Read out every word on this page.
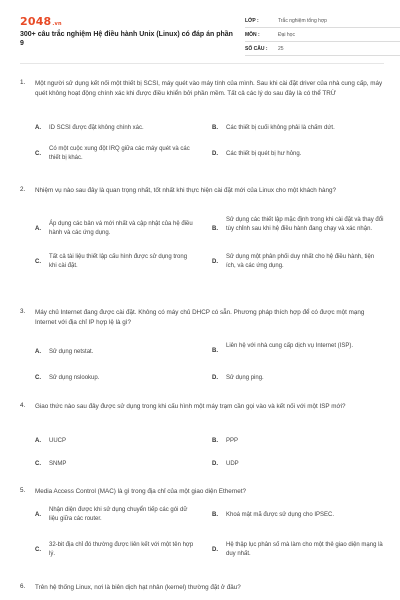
2048.vn
300+ câu trắc nghiệm Hệ điều hành Unix (Linux) có đáp án phần 9
LỚP :	Trắc nghiệm tổng hợp
MÔN :	Đại học
SỐ CÂU :	25
1. Một người sử dụng kết nối một thiết bị SCSI, máy quét vào máy tính của mình. Sau khi cài đặt driver của nhà cung cấp, máy quét không hoạt động chính xác khi được điều khiển bởi phần mềm. Tất cả các lý do sau đây là có thể TRỪ
A. ID SCSI được đặt không chính xác.	B. Các thiết bị cuối không phải là chấm dứt.
C.
Có một cuộc xung đột IRQ giữa các máy quét và các thiết bị khác.
D. Các thiết bị quét bị hư hỏng.
2. Nhiệm vụ nào sau đây là quan trọng nhất, tốt nhất khi thực hiện cài đặt mới của Linux cho một khách hàng?
A.
Áp dụng các bản vá mới nhất và cập nhật của hệ điều hành và các ứng dụng.
B.
Sử dụng các thiết lập mặc định trong khi cài đặt và thay đổi tùy chỉnh sau khi hệ điều hành đang chạy và xác nhận.
C.
Tất cả tài liệu thiết lập cấu hình được sử dụng trong khi cài đặt.
D.
Sử dụng một phân phối duy nhất cho hệ điều hành, tiện ích, và các ứng dụng.
3. Máy chủ Internet đang được cài đặt. Không có máy chủ DHCP có sẵn. Phương pháp thích hợp để có được một mạng Internet với địa chỉ IP hợp lệ là gì?
A. Sử dụng netstat.	B.
Liên hệ với nhà cung cấp dịch vụ Internet (ISP).
C. Sử dụng nslookup.	D. Sử dụng ping.
4. Giao thức nào sau đây được sử dụng trong khi cấu hình một máy trạm cần gọi vào và kết nối với một ISP mới?
A. UUCP	B. PPP
C. SNMP	D. UDP
5. Media Access Control (MAC) là gì trong địa chỉ của một giao diện Ethernet?
A.
Nhận diện được khi sử dụng chuyển tiếp các gói dữ liệu giữa các router.
B. Khoá mật mã được sử dụng cho IPSEC.
C.
32-bit địa chỉ đó thường được liên kết với một tên hợp lý.
D.
Hệ thập lục phân số mà làm cho một thẻ giao diện mạng là duy nhất.
6. Trên hệ thống Linux, nơi là biên dịch hạt nhân (kernel) thường đặt ở đâu?
